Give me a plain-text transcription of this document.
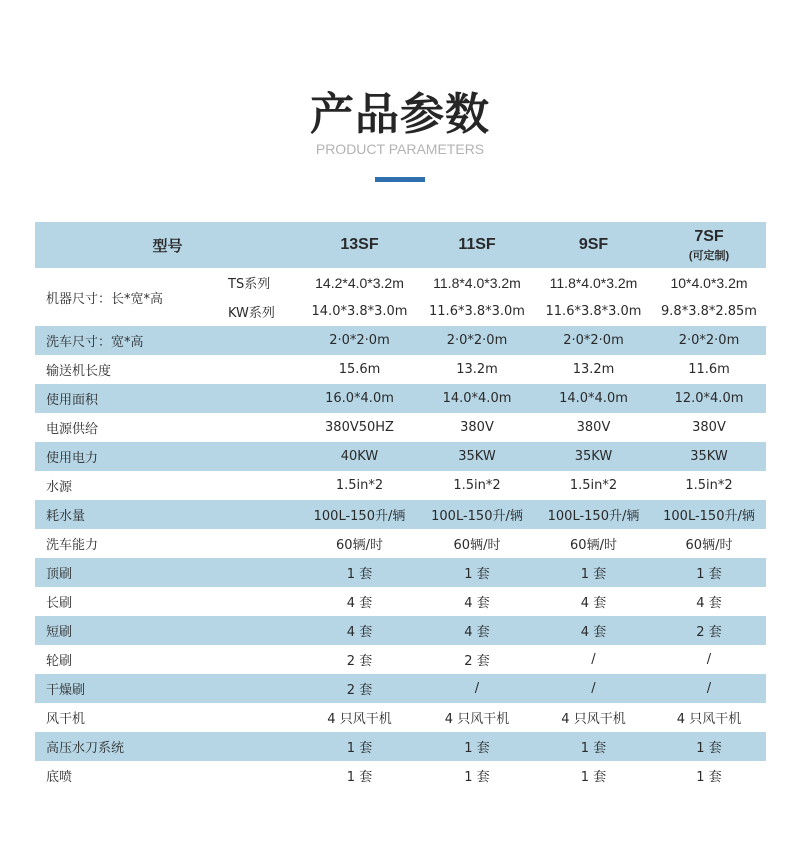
产品参数
PRODUCT PARAMETERS
型号	13SF	11SF	9SF	7SF
(可定制)
机器尺寸：长*宽*高
TS系列	14.2*4.0*3.2m	11.8*4.0*3.2m	11.8*4.0*3.2m	10*4.0*3.2m
KW系列	14.0*3.8*3.0m	11.6*3.8*3.0m	11.6*3.8*3.0m	9.8*3.8*2.85m
洗车尺寸：宽*高	2·0*2·0m	2·0*2·0m	2·0*2·0m	2·0*2·0m
输送机长度	15.6m	13.2m	13.2m	11.6m
使用面积	16.0*4.0m	14.0*4.0m	14.0*4.0m	12.0*4.0m
电源供给	380V50HZ	380V	380V	380V
使用电力	40KW	35KW	35KW	35KW
水源	1.5in*2	1.5in*2	1.5in*2	1.5in*2
耗水量	100L-150升/辆	100L-150升/辆	100L-150升/辆	100L-150升/辆
洗车能力	60辆/时	60辆/时	60辆/时	60辆/时
顶刷	1 套	1 套	1 套	1 套
长刷	4 套	4 套	4 套	4 套
短刷	4 套	4 套	4 套	2 套
轮刷	2 套	2 套	/	/
干燥刷	2 套	/	/	/
风干机	4 只风干机	4 只风干机	4 只风干机	4 只风干机
高压水刀系统	1 套	1 套	1 套	1 套
底喷	1 套	1 套	1 套	1 套
